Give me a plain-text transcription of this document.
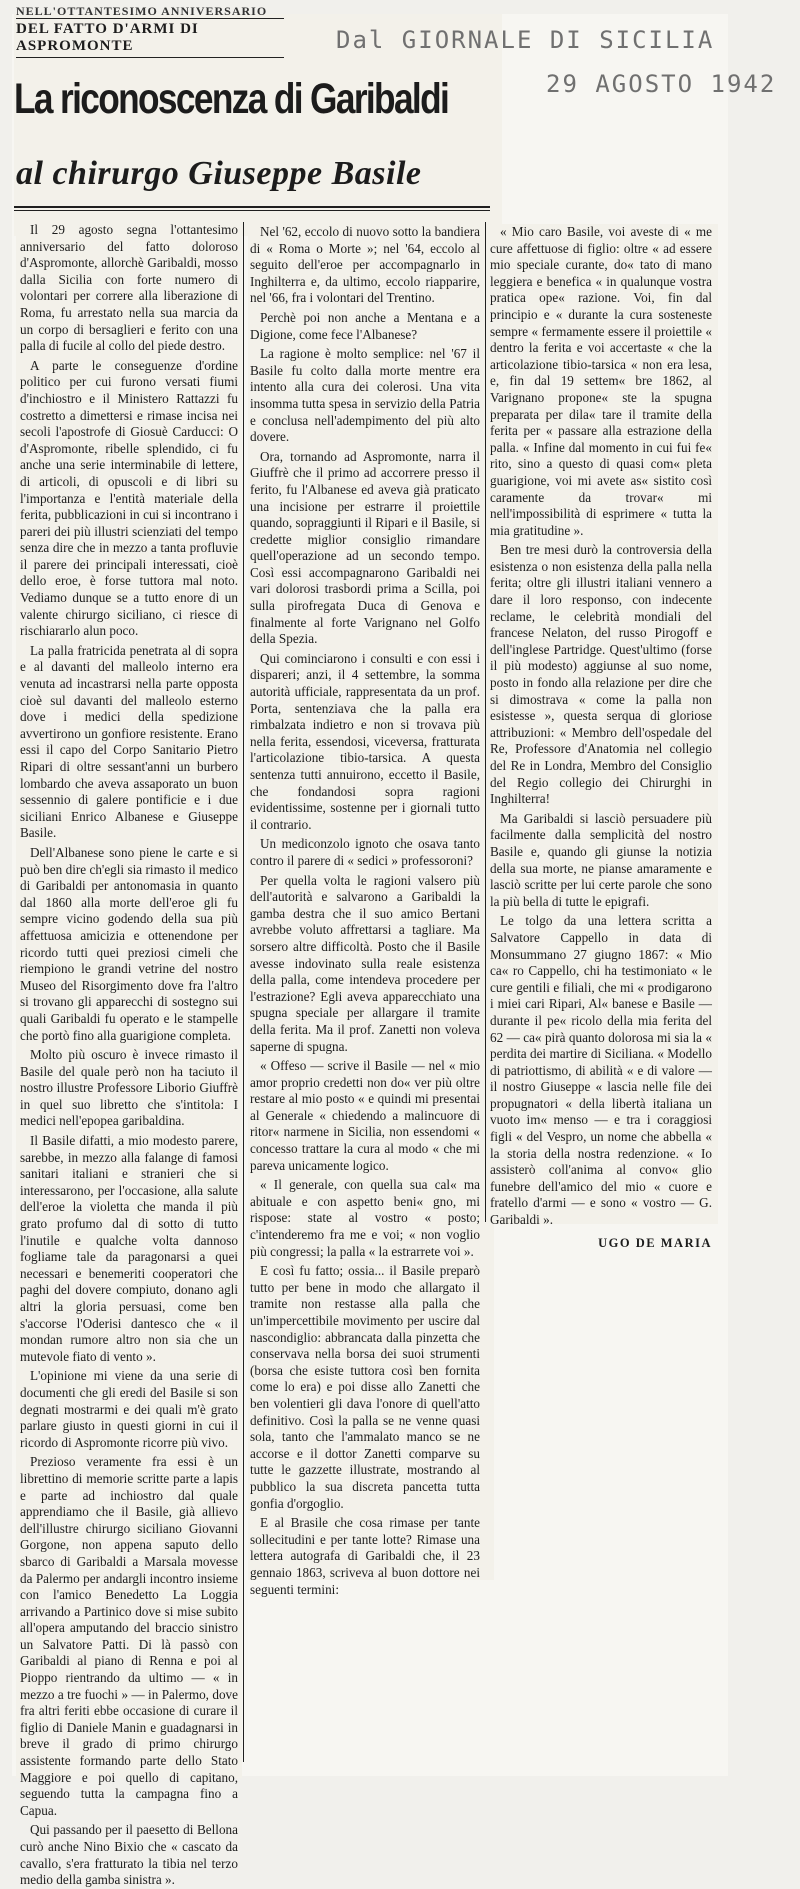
NELL'OTTANTESIMO ANNIVERSARIO
DEL FATTO D'ARMI DI ASPROMONTE	Dal GIORNALE DI SICILIA
29 AGOSTO 1942
La riconoscenza di Garibaldi
al chirurgo Giuseppe Basile

Il 29 agosto segna l'ottantesimo anniversario del fatto doloroso d'Aspromonte, allorchè Garibaldi, mosso dalla Sicilia con forte numero di volontari per correre alla liberazione di Roma, fu arrestato nella sua marcia da un corpo di bersaglieri e ferito con una palla di fucile al collo del piede destro.

A parte le conseguenze d'ordine politico per cui furono versati fiumi d'inchiostro e il Ministero Rattazzi fu costretto a dimettersi e rimase incisa nei secoli l'apostrofe di Giosuè Carducci: O d'Aspromonte, ribelle splendido, ci fu anche una serie interminabile di lettere, di articoli, di opuscoli e di libri su l'importanza e l'entità materiale della ferita, pubblicazioni in cui si incontrano i pareri dei più illustri scienziati del tempo senza dire che in mezzo a tanta profluvie il parere dei principali interessati, cioè dello eroe, è forse tuttora mal noto. Vediamo dunque se a tutto enore di un valente chirurgo siciliano, ci riesce di rischiararlo alun poco.

La palla fratricida penetrata al di sopra e al davanti del malleolo interno era venuta ad incastrarsi nella parte opposta cioè sul davanti del malleolo esterno dove i medici della spedizione avvertirono un gonfiore resistente. Erano essi il capo del Corpo Sanitario Pietro Ripari di oltre sessant'anni un burbero lombardo che aveva assaporato un buon sessennio di galere pontificie e i due siciliani Enrico Albanese e Giuseppe Basile.

Dell'Albanese sono piene le carte e si può ben dire ch'egli sia rimasto il medico di Garibaldi per antonomasia in quanto dal 1860 alla morte dell'eroe gli fu sempre vicino godendo della sua più affettuosa amicizia e ottenendone per ricordo tutti quei preziosi cimeli che riempiono le grandi vetrine del nostro Museo del Risorgimento dove fra l'altro si trovano gli apparecchi di sostegno sui quali Garibaldi fu operato e le stampelle che portò fino alla guarigione completa.

Molto più oscuro è invece rimasto il Basile del quale però non ha taciuto il nostro illustre Professore Liborio Giuffrè in quel suo libretto che s'intitola: I medici nell'epopea garibaldina.

Il Basile difatti, a mio modesto parere, sarebbe, in mezzo alla falange di famosi sanitari italiani e stranieri che si interessarono, per l'occasione, alla salute dell'eroe la violetta che manda il più grato profumo dal di sotto di tutto l'inutile e qualche volta dannoso fogliame tale da paragonarsi a quei necessari e benemeriti cooperatori che paghi del dovere compiuto, donano agli altri la gloria persuasi, come ben s'accorse l'Oderisi dantesco che « il mondan rumore altro non sia che un mutevole fiato di vento ».

L'opinione mi viene da una serie di documenti che gli eredi del Basile si son degnati mostrarmi e dei quali m'è grato parlare giusto in questi giorni in cui il ricordo di Aspromonte ricorre più vivo.

Prezioso veramente fra essi è un librettino di memorie scritte parte a lapis e parte ad inchiostro dal quale apprendiamo che il Basile, già allievo dell'illustre chirurgo siciliano Giovanni Gorgone, non appena saputo dello sbarco di Garibaldi a Marsala movesse da Palermo per andargli incontro insieme con l'amico Benedetto La Loggia arrivando a Partinico dove si mise subito all'opera amputando del braccio sinistro un Salvatore Patti. Di là passò con Garibaldi al piano di Renna e poi al Pioppo rientrando da ultimo — « in mezzo a tre fuochi » — in Palermo, dove fra altri feriti ebbe occasione di curare il figlio di Daniele Manin e guadagnarsi in breve il grado di primo chirurgo assistente formando parte dello Stato Maggiore e poi quello di capitano, seguendo tutta la campagna fino a Capua.

Qui passando per il paesetto di Bellona curò anche Nino Bixio che « cascato da cavallo, s'era fratturato la tibia nel terzo medio della gamba sinistra ».

Nel '62, eccolo di nuovo sotto la bandiera di « Roma o Morte »; nel '64, eccolo al seguito dell'eroe per accompagnarlo in Inghilterra e, da ultimo, eccolo riapparire, nel '66, fra i volontari del Trentino.

Perchè poi non anche a Mentana e a Digione, come fece l'Albanese?

La ragione è molto semplice: nel '67 il Basile fu colto dalla morte mentre era intento alla cura dei colerosi. Una vita insomma tutta spesa in servizio della Patria e conclusa nell'adempimento del più alto dovere.

Ora, tornando ad Aspromonte, narra il Giuffrè che il primo ad accorrere presso il ferito, fu l'Albanese ed aveva già praticato una incisione per estrarre il proiettile quando, sopraggiunti il Ripari e il Basile, si credette miglior consiglio rimandare quell'operazione ad un secondo tempo. Così essi accompagnarono Garibaldi nei vari dolorosi trasbordi prima a Scilla, poi sulla pirofregata Duca di Genova e finalmente al forte Varignano nel Golfo della Spezia.

Qui cominciarono i consulti e con essi i dispareri; anzi, il 4 settembre, la somma autorità ufficiale, rappresentata da un prof. Porta, sentenziava che la palla era rimbalzata indietro e non si trovava più nella ferita, essendosi, viceversa, fratturata l'articolazione tibio-tarsica. A questa sentenza tutti annuirono, eccetto il Basile, che fondandosi sopra ragioni evidentissime, sostenne per i giornali tutto il contrario.

Un mediconzolo ignoto che osava tanto contro il parere di « sedici » professoroni?

Per quella volta le ragioni valsero più dell'autorità e salvarono a Garibaldi la gamba destra che il suo amico Bertani avrebbe voluto affrettarsi a tagliare. Ma sorsero altre difficoltà. Posto che il Basile avesse indovinato sulla reale esistenza della palla, come intendeva procedere per l'estrazione? Egli aveva apparecchiato una spugna speciale per allargare il tramite della ferita. Ma il prof. Zanetti non voleva saperne di spugna.

« Offeso — scrive il Basile — nel « mio amor proprio credetti non do« ver più oltre restare al mio posto « e quindi mi presentai al Generale « chiedendo a malincuore di ritor« narmene in Sicilia, non essendomi « concesso trattare la cura al modo « che mi pareva unicamente logico.

« Il generale, con quella sua cal« ma abituale e con aspetto beni« gno, mi rispose: state al vostro « posto; c'intenderemo fra me e voi; « non voglio più congressi; la palla « la estrarrete voi ».

E così fu fatto; ossia... il Basile preparò tutto per bene in modo che allargato il tramite non restasse alla palla che un'impercettibile movimento per uscire dal nascondiglio: abbrancata dalla pinzetta che conservava nella borsa dei suoi strumenti (borsa che esiste tuttora così ben fornita come lo era) e poi disse allo Zanetti che ben volentieri gli dava l'onore di quell'atto definitivo. Così la palla se ne venne quasi sola, tanto che l'ammalato manco se ne accorse e il dottor Zanetti comparve su tutte le gazzette illustrate, mostrando al pubblico la sua discreta pancetta tutta gonfia d'orgoglio.

E al Brasile che cosa rimase per tante sollecitudini e per tante lotte? Rimase una lettera autografa di Garibaldi che, il 23 gennaio 1863, scriveva al buon dottore nei seguenti termini:

« Mio caro Basile, voi aveste di « me cure affettuose di figlio: oltre « ad essere mio speciale curante, do« tato di mano leggiera e benefica « in qualunque vostra pratica ope« razione. Voi, fin dal principio e « durante la cura sosteneste sempre « fermamente essere il proiettile « dentro la ferita e voi accertaste « che la articolazione tibio-tarsica « non era lesa, e, fin dal 19 settem« bre 1862, al Varignano propone« ste la spugna preparata per dila« tare il tramite della ferita per « passare alla estrazione della palla. « Infine dal momento in cui fui fe« rito, sino a questo di quasi com« pleta guarigione, voi mi avete as« sistito così caramente da trovar« mi nell'impossibilità di esprimere « tutta la mia gratitudine ».

Ben tre mesi durò la controversia della esistenza o non esistenza della palla nella ferita; oltre gli illustri italiani vennero a dare il loro responso, con indecente reclame, le celebrità mondiali del francese Nelaton, del russo Pirogoff e dell'inglese Partridge. Quest'ultimo (forse il più modesto) aggiunse al suo nome, posto in fondo alla relazione per dire che si dimostrava « come la palla non esistesse », questa serqua di gloriose attribuzioni: « Membro dell'ospedale del Re, Professore d'Anatomia nel collegio del Re in Londra, Membro del Consiglio del Regio collegio dei Chirurghi in Inghilterra!

Ma Garibaldi si lasciò persuadere più facilmente dalla semplicità del nostro Basile e, quando gli giunse la notizia della sua morte, ne pianse amaramente e lasciò scritte per lui certe parole che sono la più bella di tutte le epigrafi.

Le tolgo da una lettera scritta a Salvatore Cappello in data di Monsummano 27 giugno 1867: « Mio ca« ro Cappello, chi ha testimoniato « le cure gentili e filiali, che mi « prodigarono i miei cari Ripari, Al« banese e Basile — durante il pe« ricolo della mia ferita del 62 — ca« pirà quanto dolorosa mi sia la « perdita dei martire di Siciliana. « Modello di patriottismo, di abilità « e di valore — il nostro Giuseppe « lascia nelle file dei propugnatori « della libertà italiana un vuoto im« menso — e tra i coraggiosi figli « del Vespro, un nome che abbella « la storia della nostra redenzione. « Io assisterò coll'anima al convo« glio funebre dell'amico del mio « cuore e fratello d'armi — e sono « vostro — G. Garibaldi ».

UGO DE MARIA
